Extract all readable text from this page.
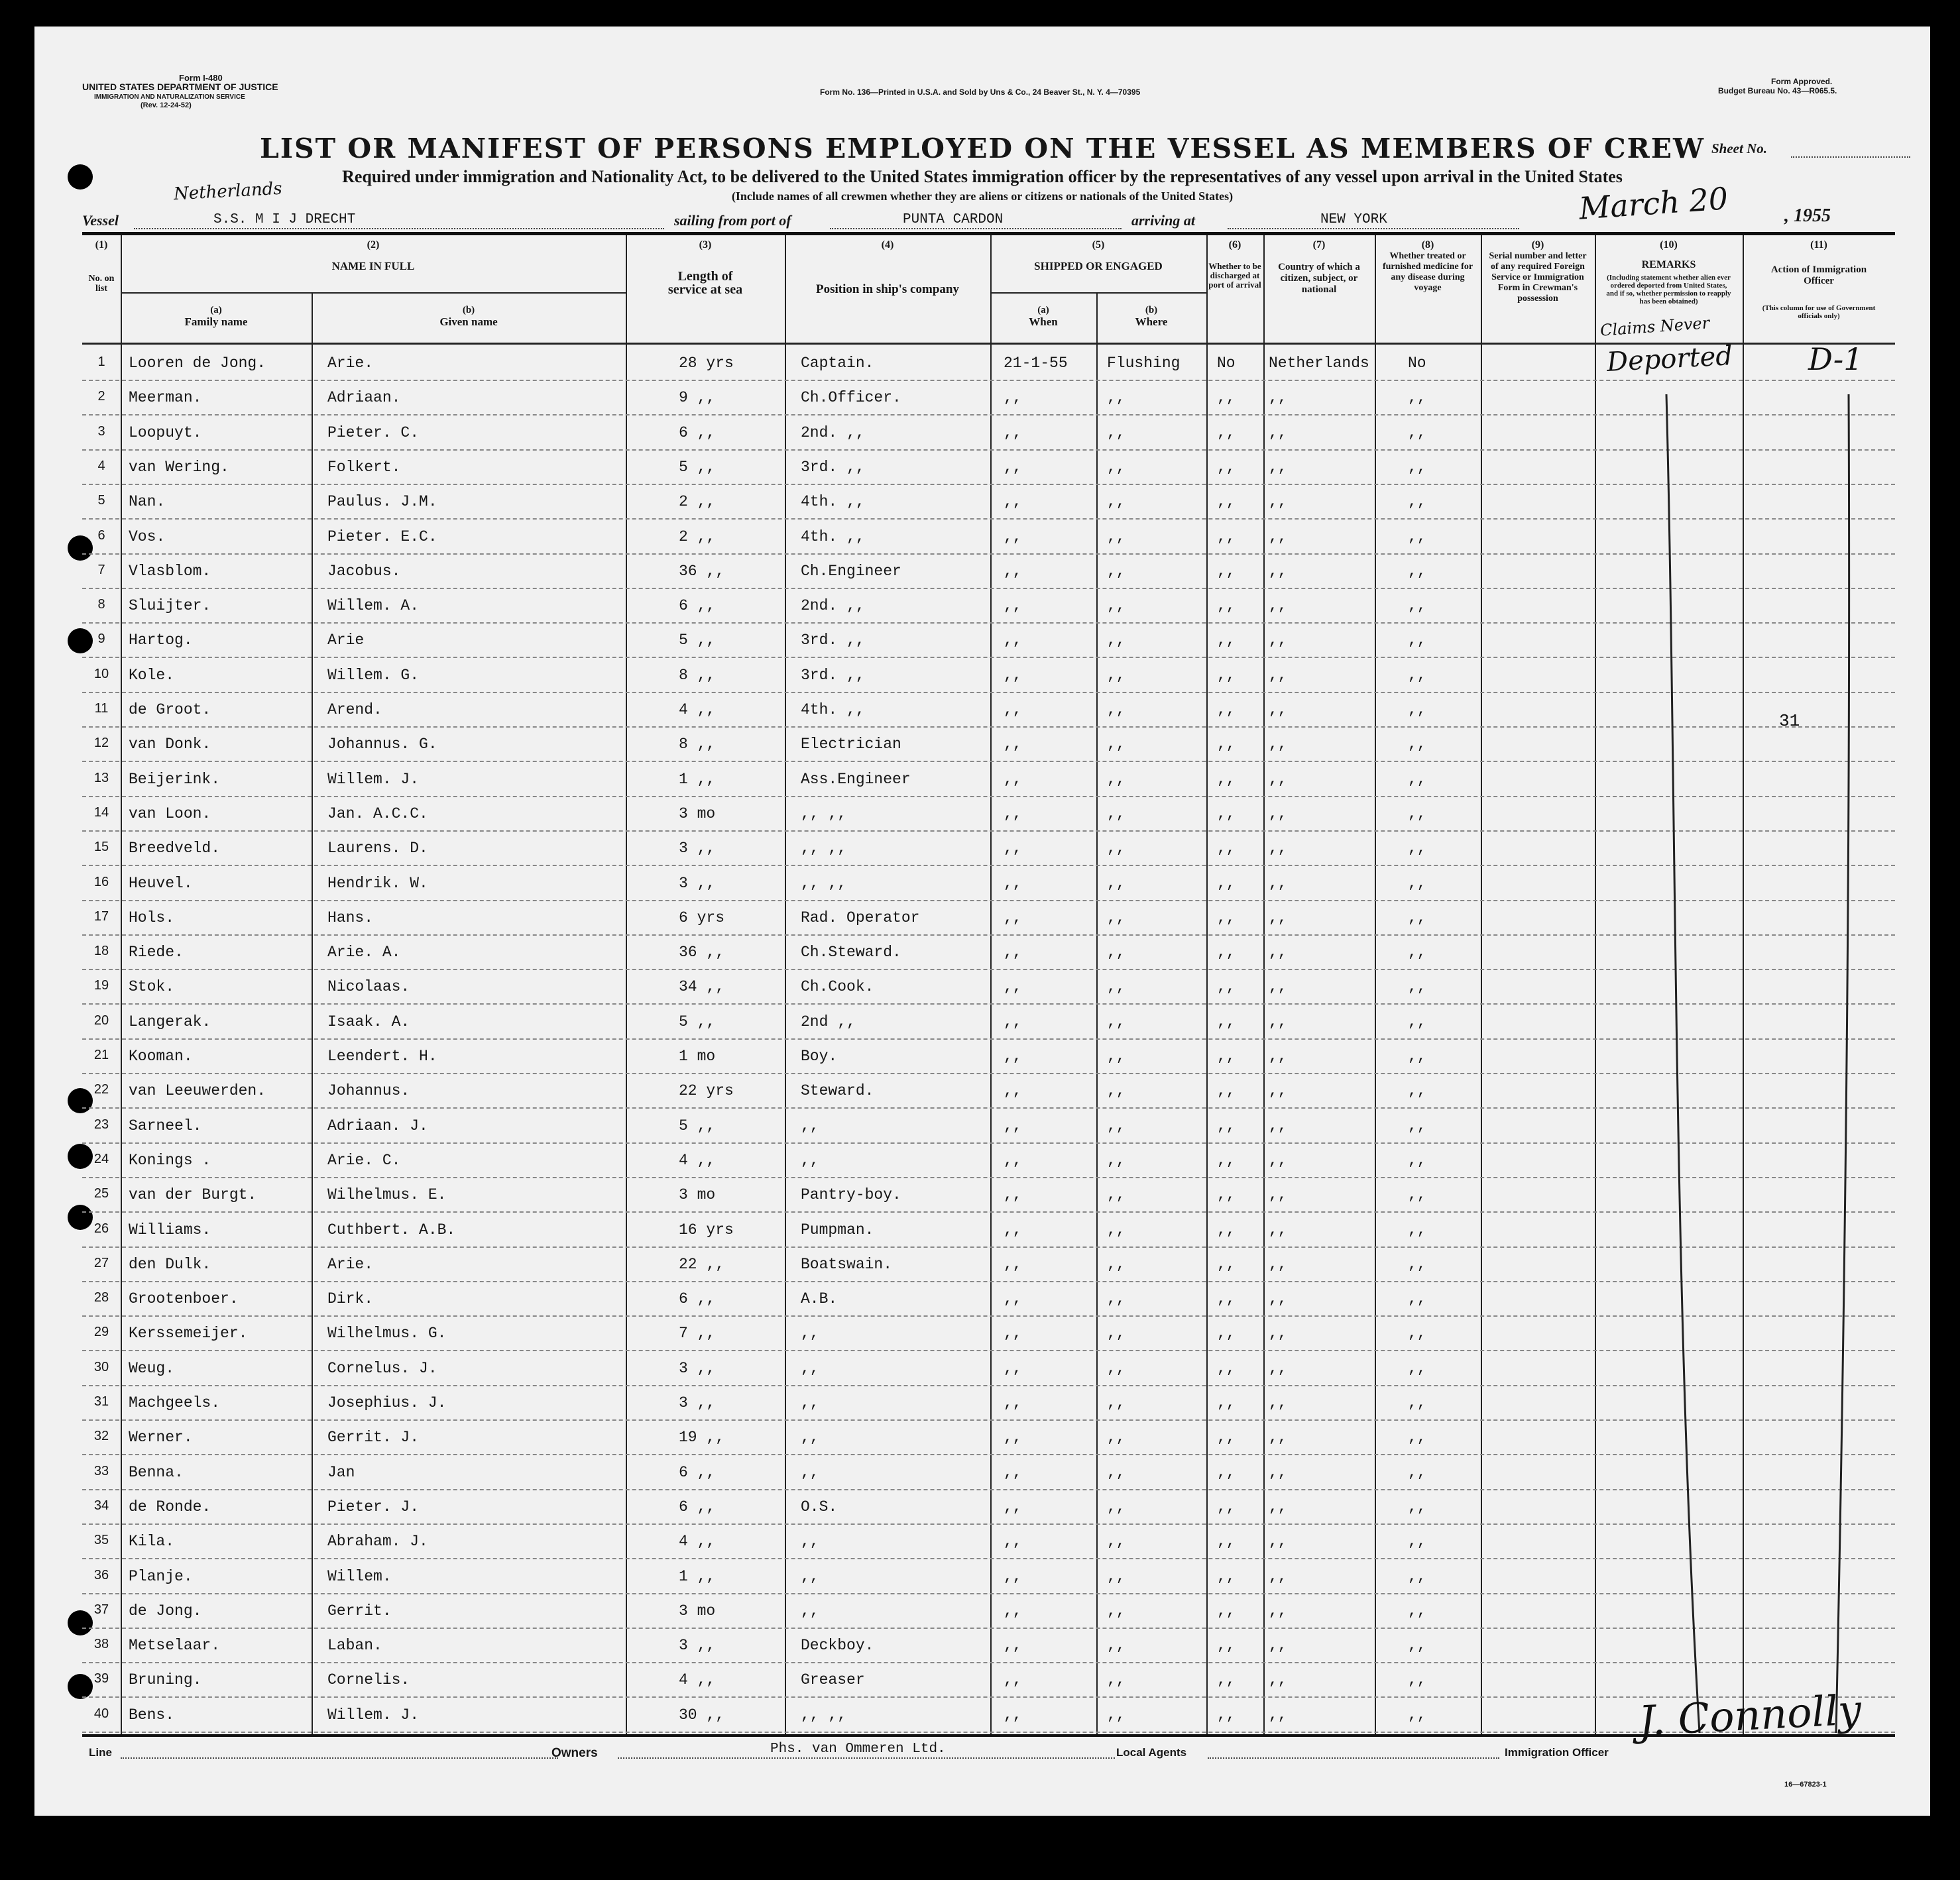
Form I-480
UNITED STATES DEPARTMENT OF JUSTICE
IMMIGRATION AND NATURALIZATION SERVICE
(Rev. 12-24-52)
Form No. 136—Printed in U.S.A. and Sold by Uns & Co., 24 Beaver St., N. Y. 4—70395
Form Approved.
Budget Bureau No. 43—R065.5.
LIST OR MANIFEST OF PERSONS EMPLOYED ON THE VESSEL AS MEMBERS OF CREW Sheet No.
Required under immigration and Nationality Act, to be delivered to the United States immigration officer by the representatives of any vessel upon arrival in the United States
(Include names of all crewmen whether they are aliens or citizens or nationals of the United States)
Netherlands
Vessel	S.S. M I J DRECHT	sailing from port of	PUNTA CARDON	arriving at	NEW YORK	March 20	, 1955
(1)
No. on list
(2)
NAME IN FULL
(a)
Family name
(b)
Given name
(3)
Length of service at sea
(4)
Position in ship's company
(5)
SHIPPED OR ENGAGED
(a)
When
(b)
Where
(6)
Whether to be discharged at port of arrival
(7)
Country of which a citizen, subject, or national
(8)
Whether treated or furnished medicine for any disease during voyage
(9)
Serial number and letter of any required Foreign Service or Immigration Form in Crewman's possession
(10)
REMARKS
(Including statement whether alien ever ordered deported from United States, and if so, whether permission to reapply has been obtained)
(11)
Action of Immigration Officer
(This column for use of Government officials only)
1	Looren de Jong.	Arie.	28 yrs	Captain.	21-1-55	Flushing No Netherlands	No
2	Meerman.	Adriaan.	9 ,,	Ch.Officer.	,,	,,	,, ,,	,,
3	Loopuyt.	Pieter. C.	6 ,,	2nd. ,,	,,	,,	,, ,,	,,
4	van Wering.	Folkert.	5 ,,	3rd. ,,	,,	,,	,, ,,	,,
5	Nan.	Paulus. J.M.	2 ,,	4th. ,,	,,	,,	,, ,,	,,
6	Vos.	Pieter. E.C.	2 ,,	4th. ,,	,,	,,	,, ,,	,,
7	Vlasblom.	Jacobus.	36 ,,	Ch.Engineer	,,	,,	,, ,,	,,
8	Sluijter.	Willem. A.	6 ,,	2nd. ,,	,,	,,	,, ,,	,,
9	Hartog.	Arie	5 ,,	3rd. ,,	,,	,,	,, ,,	,,
10	Kole.	Willem. G.	8 ,,	3rd. ,,	,,	,,	,, ,,	,,
11	de Groot.	Arend.	4 ,,	4th. ,,	,,	,,	,, ,,	,,
12	van Donk.	Johannus. G.	8 ,,	Electrician	,,	,,	,, ,,	,,
13	Beijerink.	Willem. J.	1 ,,	Ass.Engineer	,,	,,	,, ,,	,,
14	van Loon.	Jan. A.C.C.	3 mo	,, ,,	,,	,,	,, ,,	,,
15	Breedveld.	Laurens. D.	3 ,,	,, ,,	,,	,,	,, ,,	,,
16	Heuvel.	Hendrik. W.	3 ,,	,, ,,	,,	,,	,, ,,	,,
17	Hols.	Hans.	6 yrs	Rad. Operator	,,	,,	,, ,,	,,
18	Riede.	Arie. A.	36 ,,	Ch.Steward.	,,	,,	,, ,,	,,
19	Stok.	Nicolaas.	34 ,,	Ch.Cook.	,,	,,	,, ,,	,,
20	Langerak.	Isaak. A.	5 ,,	2nd ,,	,,	,,	,, ,,	,,
21	Kooman.	Leendert. H.	1 mo	Boy.	,,	,,	,, ,,	,,
22	van Leeuwerden.	Johannus.	22 yrs	Steward.	,,	,,	,, ,,	,,
23	Sarneel.	Adriaan. J.	5 ,,	,,	,,	,,	,, ,,	,,
24	Konings .	Arie. C.	4 ,,	,,	,,	,,	,, ,,	,,
25	van der Burgt.	Wilhelmus. E.	3 mo	Pantry-boy.	,,	,,	,, ,,	,,
26	Williams.	Cuthbert. A.B.	16 yrs	Pumpman.	,,	,,	,, ,,	,,
27	den Dulk.	Arie.	22 ,,	Boatswain.	,,	,,	,, ,,	,,
28	Grootenboer.	Dirk.	6 ,,	A.B.	,,	,,	,, ,,	,,
29	Kerssemeijer.	Wilhelmus. G.	7 ,,	,,	,,	,,	,, ,,	,,
30	Weug.	Cornelus. J.	3 ,,	,,	,,	,,	,, ,,	,,
31	Machgeels.	Josephius. J.	3 ,,	,,	,,	,,	,, ,,	,,
32	Werner.	Gerrit. J.	19 ,,	,,	,,	,,	,, ,,	,,
33	Benna.	Jan	6 ,,	,,	,,	,,	,, ,,	,,
34	de Ronde.	Pieter. J.	6 ,,	O.S.	,,	,,	,, ,,	,,
35	Kila.	Abraham. J.	4 ,,	,,	,,	,,	,, ,,	,,
36	Planje.	Willem.	1 ,,	,,	,,	,,	,, ,,	,,
37	de Jong.	Gerrit.	3 mo	,,	,,	,,	,, ,,	,,
38	Metselaar.	Laban.	3 ,,	Deckboy.	,,	,,	,, ,,	,,
39	Bruning.	Cornelis.	4 ,,	Greaser	,,	,,	,, ,,	,,
40	Bens.	Willem. J.	30 ,,	,, ,,	,,	,,	,, ,,	,,
Claims Never
Deported D-1
31
Line	Owners	Phs. van Ommeren Ltd.	Local Agents	Immigration Officer
J. Connolly
16—67823-1
